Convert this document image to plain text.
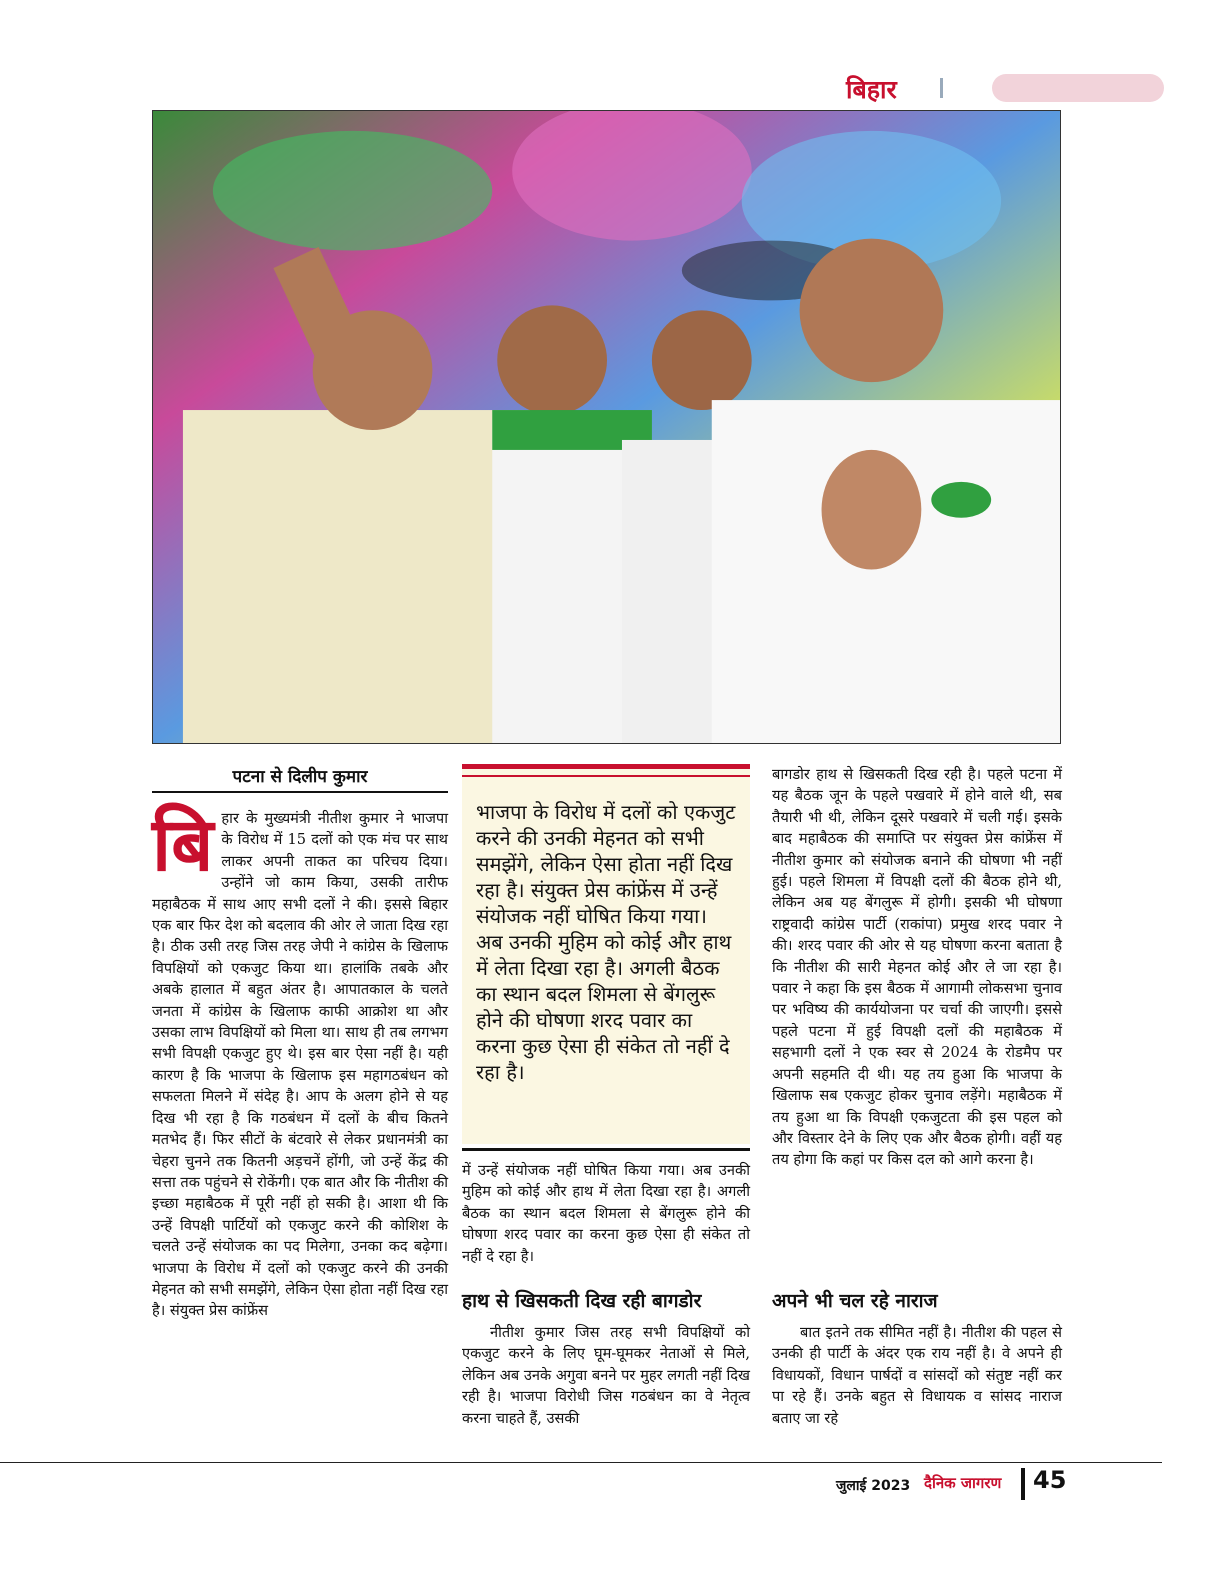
बिहार
पटना से दिलीप कुमार
बि हार के मुख्यमंत्री नीतीश कुमार ने भाजपा के विरोध में 15 दलों को एक मंच पर साथ लाकर अपनी ताकत का परिचय दिया। उन्होंने जो काम किया, उसकी तारीफ महाबैठक में साथ आए सभी दलों ने की। इससे बिहार एक बार फिर देश को बदलाव की ओर ले जाता दिख रहा है। ठीक उसी तरह जिस तरह जेपी ने कांग्रेस के खिलाफ विपक्षियों को एकजुट किया था। हालांकि तबके और अबके हालात में बहुत अंतर है। आपातकाल के चलते जनता में कांग्रेस के खिलाफ काफी आक्रोश था और उसका लाभ विपक्षियों को मिला था। साथ ही तब लगभग सभी विपक्षी एकजुट हुए थे। इस बार ऐसा नहीं है। यही कारण है कि भाजपा के खिलाफ इस महागठबंधन को सफलता मिलने में संदेह है। आप के अलग होने से यह दिख भी रहा है कि गठबंधन में दलों के बीच कितने मतभेद हैं। फिर सीटों के बंटवारे से लेकर प्रधानमंत्री का चेहरा चुनने तक कितनी अड़चनें होंगी, जो उन्हें केंद्र की सत्ता तक पहुंचने से रोकेंगी। एक बात और कि नीतीश की इच्छा महाबैठक में पूरी नहीं हो सकी है। आशा थी कि उन्हें विपक्षी पार्टियों को एकजुट करने की कोशिश के चलते उन्हें संयोजक का पद मिलेगा, उनका कद बढ़ेगा। भाजपा के विरोध में दलों को एकजुट करने की उनकी मेहनत को सभी समझेंगे, लेकिन ऐसा होता नहीं दिख रहा है। संयुक्त प्रेस कांफ्रेंस

भाजपा के विरोध में दलों को एकजुट करने की उनकी मेहनत को सभी समझेंगे, लेकिन ऐसा होता नहीं दिख रहा है। संयुक्त प्रेस कांफ्रेंस में उन्हें संयोजक नहीं घोषित किया गया। अब उनकी मुहिम को कोई और हाथ में लेता दिखा रहा है। अगली बैठक का स्थान बदल शिमला से बेंगलुरू होने की घोषणा शरद पवार का करना कुछ ऐसा ही संकेत तो नहीं दे रहा है।

में उन्हें संयोजक नहीं घोषित किया गया। अब उनकी मुहिम को कोई और हाथ में लेता दिखा रहा है। अगली बैठक का स्थान बदल शिमला से बेंगलुरू होने की घोषणा शरद पवार का करना कुछ ऐसा ही संकेत तो नहीं दे रहा है।

हाथ से खिसकती दिख रही बागडोर

नीतीश कुमार जिस तरह सभी विपक्षियों को एकजुट करने के लिए घूम-घूमकर नेताओं से मिले, लेकिन अब उनके अगुवा बनने पर मुहर लगती नहीं दिख रही है। भाजपा विरोधी जिस गठबंधन का वे नेतृत्व करना चाहते हैं, उसकी

बागडोर हाथ से खिसकती दिख रही है। पहले पटना में यह बैठक जून के पहले पखवारे में होने वाले थी, सब तैयारी भी थी, लेकिन दूसरे पखवारे में चली गई। इसके बाद महाबैठक की समाप्ति पर संयुक्त प्रेस कांफ्रेंस में नीतीश कुमार को संयोजक बनाने की घोषणा भी नहीं हुई। पहले शिमला में विपक्षी दलों की बैठक होने थी, लेकिन अब यह बेंगलुरू में होगी। इसकी भी घोषणा राष्ट्रवादी कांग्रेस पार्टी (राकांपा) प्रमुख शरद पवार ने की। शरद पवार की ओर से यह घोषणा करना बताता है कि नीतीश की सारी मेहनत कोई और ले जा रहा है। पवार ने कहा कि इस बैठक में आगामी लोकसभा चुनाव पर भविष्य की कार्ययोजना पर चर्चा की जाएगी। इससे पहले पटना में हुई विपक्षी दलों की महाबैठक में सहभागी दलों ने एक स्वर से 2024 के रोडमैप पर अपनी सहमति दी थी। यह तय हुआ कि भाजपा के खिलाफ सब एकजुट होकर चुनाव लड़ेंगे। महाबैठक में तय हुआ था कि विपक्षी एकजुटता की इस पहल को और विस्तार देने के लिए एक और बैठक होगी। वहीं यह तय होगा कि कहां पर किस दल को आगे करना है।

अपने भी चल रहे नाराज

बात इतने तक सीमित नहीं है। नीतीश की पहल से उनकी ही पार्टी के अंदर एक राय नहीं है। वे अपने ही विधायकों, विधान पार्षदों व सांसदों को संतुष्ट नहीं कर पा रहे हैं। उनके बहुत से विधायक व सांसद नाराज बताए जा रहे

जुलाई 2023 दैनिक जागरण 45
